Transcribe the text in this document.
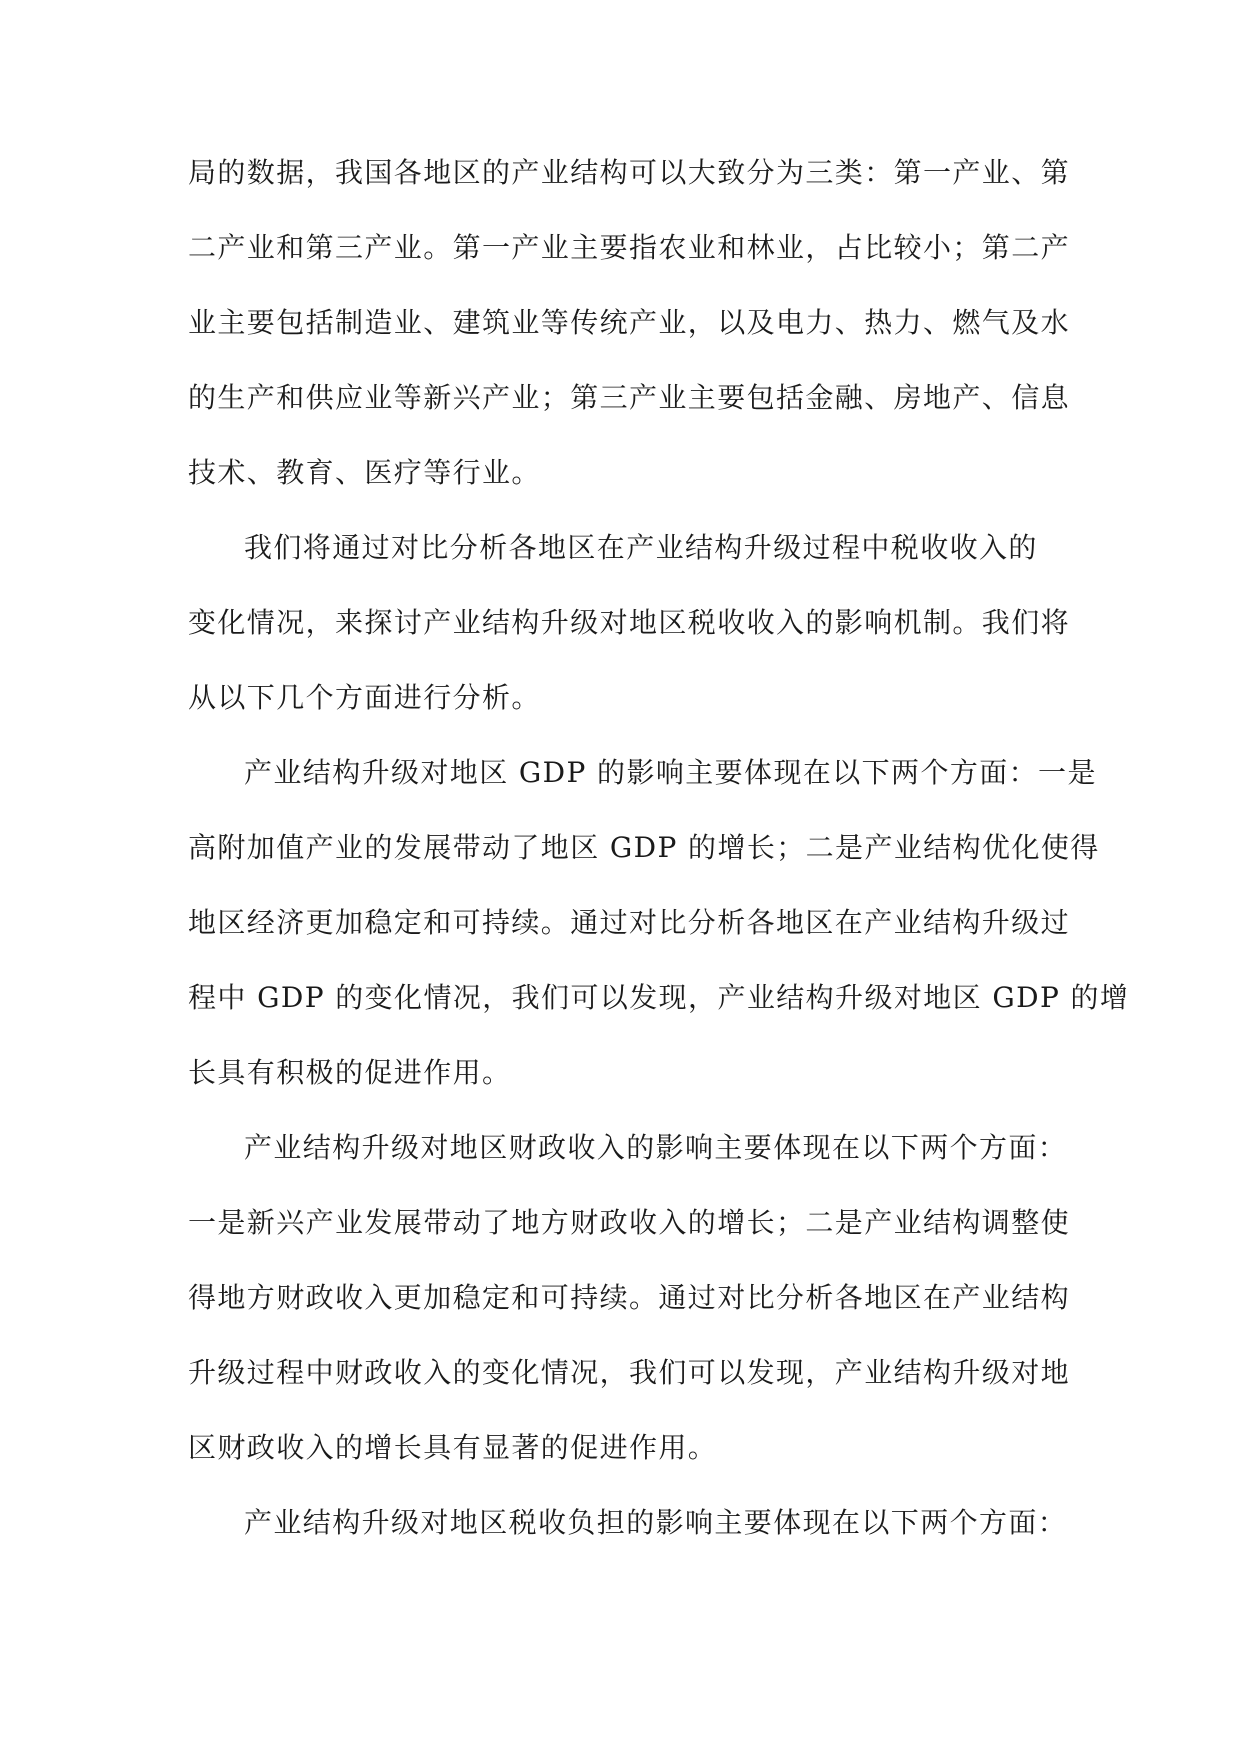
局的数据，我国各地区的产业结构可以大致分为三类：第一产业、第
二产业和第三产业。第一产业主要指农业和林业，占比较小；第二产
业主要包括制造业、建筑业等传统产业，以及电力、热力、燃气及水
的生产和供应业等新兴产业；第三产业主要包括金融、房地产、信息
技术、教育、医疗等行业。
我们将通过对比分析各地区在产业结构升级过程中税收收入的
变化情况，来探讨产业结构升级对地区税收收入的影响机制。我们将
从以下几个方面进行分析。
产业结构升级对地区 GDP 的影响主要体现在以下两个方面：一是
高附加值产业的发展带动了地区 GDP 的增长；二是产业结构优化使得
地区经济更加稳定和可持续。通过对比分析各地区在产业结构升级过
程中 GDP 的变化情况，我们可以发现，产业结构升级对地区 GDP 的增
长具有积极的促进作用。
产业结构升级对地区财政收入的影响主要体现在以下两个方面：
一是新兴产业发展带动了地方财政收入的增长；二是产业结构调整使
得地方财政收入更加稳定和可持续。通过对比分析各地区在产业结构
升级过程中财政收入的变化情况，我们可以发现，产业结构升级对地
区财政收入的增长具有显著的促进作用。
产业结构升级对地区税收负担的影响主要体现在以下两个方面：
